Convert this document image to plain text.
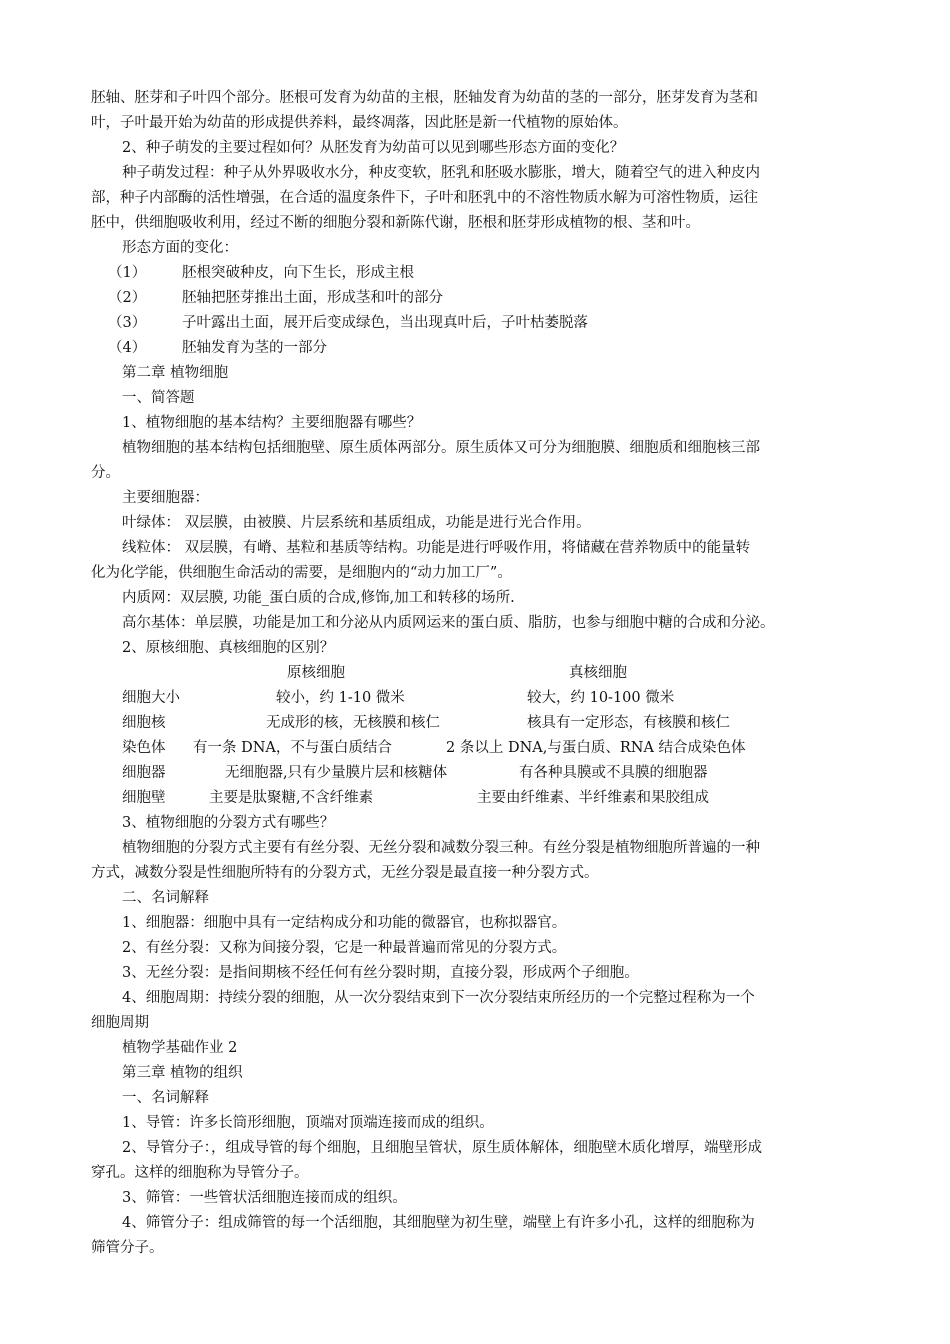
胚轴、胚芽和子叶四个部分。胚根可发育为幼苗的主根，胚轴发育为幼苗的茎的一部分，胚芽发育为茎和
叶，子叶最开始为幼苗的形成提供养料，最终凋落，因此胚是新一代植物的原始体。
2、种子萌发的主要过程如何？从胚发育为幼苗可以见到哪些形态方面的变化？
种子萌发过程：种子从外界吸收水分，种皮变软，胚乳和胚吸水膨胀，增大，随着空气的进入种皮内
部，种子内部酶的活性增强，在合适的温度条件下，子叶和胚乳中的不溶性物质水解为可溶性物质，运往
胚中，供细胞吸收利用，经过不断的细胞分裂和新陈代谢，胚根和胚芽形成植物的根、茎和叶。
形态方面的变化：
（1） 胚根突破种皮，向下生长，形成主根
（2） 胚轴把胚芽推出土面，形成茎和叶的部分
（3） 子叶露出土面，展开后变成绿色，当出现真叶后，子叶枯萎脱落
（4） 胚轴发育为茎的一部分
第二章 植物细胞
一、简答题
1、植物细胞的基本结构？主要细胞器有哪些？
植物细胞的基本结构包括细胞壁、原生质体两部分。原生质体又可分为细胞膜、细胞质和细胞核三部
分。
主要细胞器：
叶绿体： 双层膜，由被膜、片层系统和基质组成，功能是进行光合作用。
线粒体： 双层膜，有嵴、基粒和基质等结构。功能是进行呼吸作用，将储藏在营养物质中的能量转
化为化学能，供细胞生命活动的需要，是细胞内的“动力加工厂”。
内质网：双层膜, 功能_蛋白质的合成,修饰,加工和转移的场所.
高尔基体：单层膜，功能是加工和分泌从内质网运来的蛋白质、脂肪，也参与细胞中糖的合成和分泌。
2、原核细胞、真核细胞的区别？
原核细胞	真核细胞
细胞大小	较小，约 1-10 微米	较大，约 10-100 微米
细胞核	无成形的核，无核膜和核仁	核具有一定形态，有核膜和核仁
染色体 有一条 DNA，不与蛋白质结合	2 条以上 DNA,与蛋白质、RNA 结合成染色体
细胞器	无细胞器,只有少量膜片层和核糖体	有各种具膜或不具膜的细胞器
细胞壁	主要是肽聚糖,不含纤维素	主要由纤维素、半纤维素和果胶组成
3、植物细胞的分裂方式有哪些？
植物细胞的分裂方式主要有有丝分裂、无丝分裂和减数分裂三种。有丝分裂是植物细胞所普遍的一种
方式，减数分裂是性细胞所特有的分裂方式，无丝分裂是最直接一种分裂方式。
二、名词解释
1、细胞器：细胞中具有一定结构成分和功能的微器官，也称拟器官。
2、有丝分裂：又称为间接分裂，它是一种最普遍而常见的分裂方式。
3、无丝分裂：是指间期核不经任何有丝分裂时期，直接分裂，形成两个子细胞。
4、细胞周期：持续分裂的细胞，从一次分裂结束到下一次分裂结束所经历的一个完整过程称为一个
细胞周期
植物学基础作业 2
第三章 植物的组织
一、名词解释
1、导管：许多长筒形细胞，顶端对顶端连接而成的组织。
2、导管分子：，组成导管的每个细胞，且细胞呈管状，原生质体解体，细胞壁木质化增厚，端壁形成
穿孔。这样的细胞称为导管分子。
3、筛管：一些管状活细胞连接而成的组织。
4、筛管分子：组成筛管的每一个活细胞，其细胞壁为初生壁，端壁上有许多小孔，这样的细胞称为
筛管分子。
